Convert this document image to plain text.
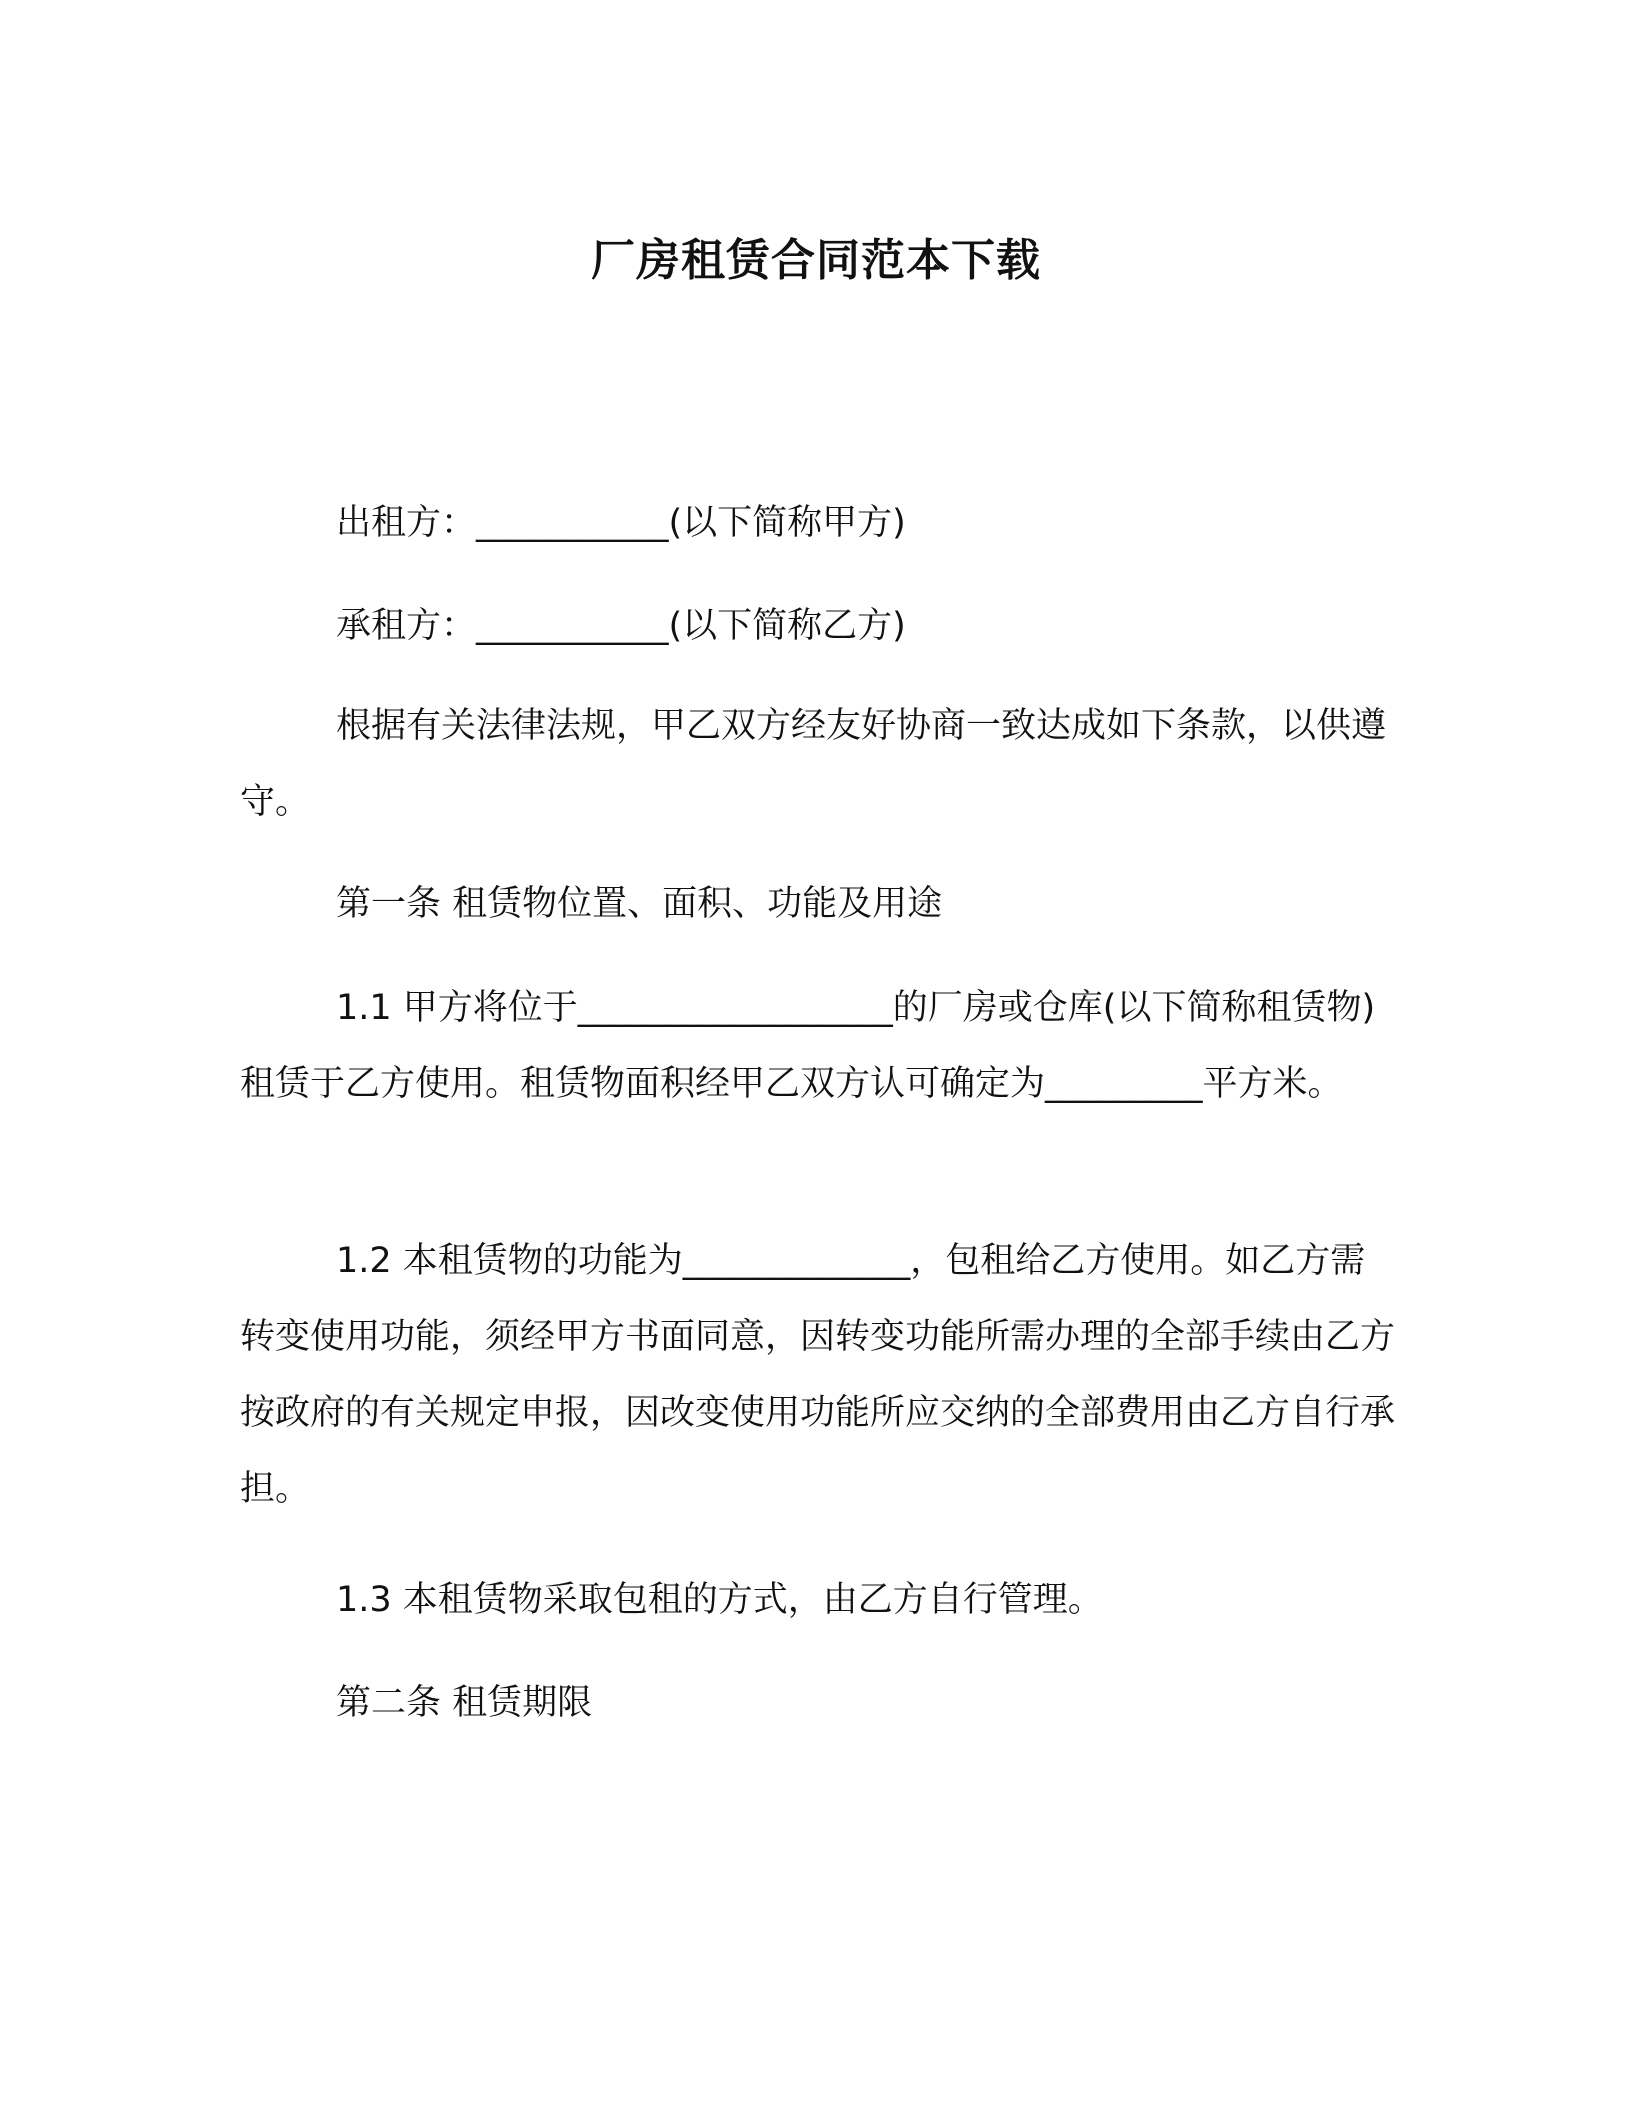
厂房租赁合同范本下载

出租方：___________(以下简称甲方)

承租方：___________(以下简称乙方)

根据有关法律法规，甲乙双方经友好协商一致达成如下条款，以供遵守。

第一条 租赁物位置、面积、功能及用途

1.1 甲方将位于__________________的厂房或仓库(以下简称租赁物)租赁于乙方使用。租赁物面积经甲乙双方认可确定为_________平方米。

1.2 本租赁物的功能为_____________，包租给乙方使用。如乙方需转变使用功能，须经甲方书面同意，因转变功能所需办理的全部手续由乙方按政府的有关规定申报，因改变使用功能所应交纳的全部费用由乙方自行承担。

1.3 本租赁物采取包租的方式，由乙方自行管理。

第二条 租赁期限
